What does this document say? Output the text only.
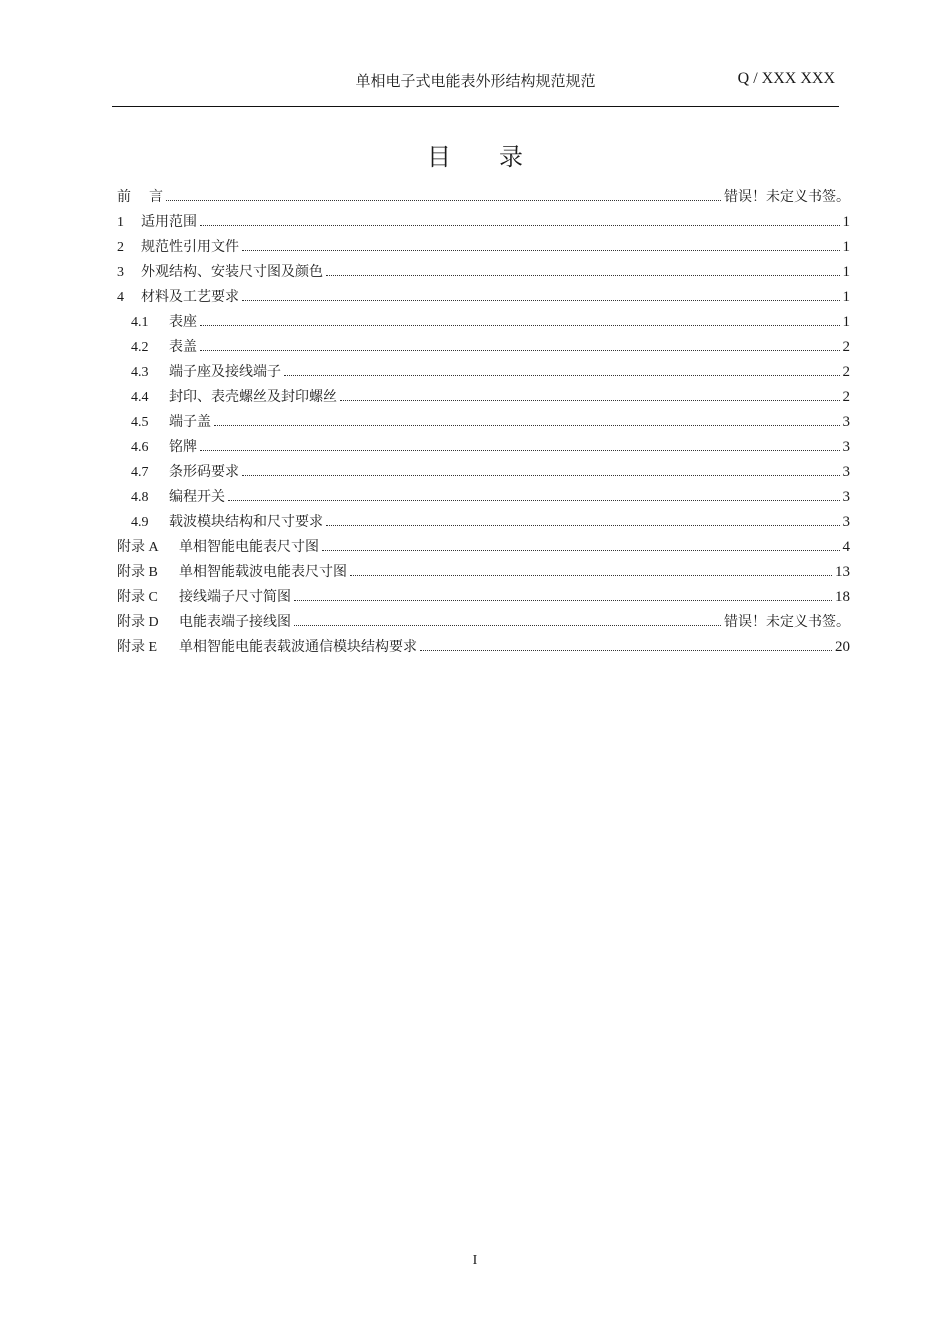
单相电子式电能表外形结构规范规范	Q / XXX XXX
目录
前	言	错误！未定义书签。
1	适用范围	1
2	规范性引用文件	1
3	外观结构、安装尺寸图及颜色	1
4	材料及工艺要求	1
4.1	表座	1
4.2	表盖	2
4.3	端子座及接线端子	2
4.4	封印、表壳螺丝及封印螺丝	2
4.5	端子盖	3
4.6	铭牌	3
4.7	条形码要求	3
4.8	编程开关	3
4.9	载波模块结构和尺寸要求	3
附录 A	单相智能电能表尺寸图	4
附录 B	单相智能载波电能表尺寸图	13
附录 C	接线端子尺寸简图	18
附录 D	电能表端子接线图	错误！未定义书签。
附录 E	单相智能电能表载波通信模块结构要求	20
I
